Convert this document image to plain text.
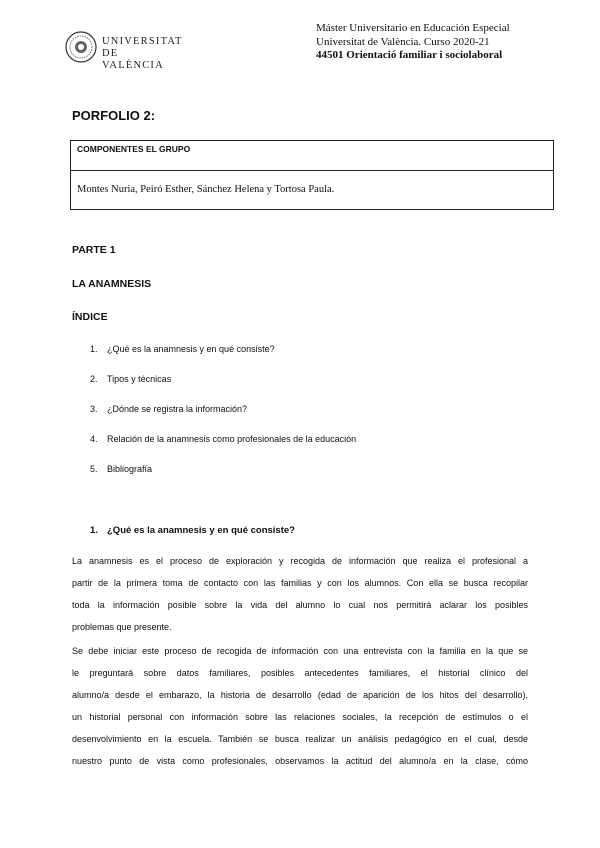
UNIVERSITAT
DE VALÈNCIA
Máster Universitario en Educación Especial
Universitat de València. Curso 2020-21
44501 Orientació familiar i sociolaboral
PORFOLIO 2:
COMPONENTES EL GRUPO
Montes Nuria, Peiró Esther, Sánchez Helena y Tortosa Paula.
PARTE 1
LA ANAMNESIS
ÍNDICE
1. ¿Qué es la anamnesis y en qué consiste?
2. Tipos y técnicas
3. ¿Dónde se registra la información?
4. Relación de la anamnesis como profesionales de la educación
5. Bibliografía
1. ¿Qué es la anamnesis y en qué consiste?
La anamnesis es el proceso de exploración y recogida de información que realiza el profesional a
partir de la primera toma de contacto con las familias y con los alumnos. Con ella se busca recopilar
toda la información posible sobre la vida del alumno lo cual nos permitirá aclarar los posibles
problemas que presente.
Se debe iniciar este proceso de recogida de información con una entrevista con la familia en la que se
le preguntará sobre datos familiares, posibles antecedentes familiares, el historial clínico del
alumno/a desde el embarazo, la historia de desarrollo (edad de aparición de los hitos del desarrollo),
un historial personal con información sobre las relaciones sociales, la recepción de estímulos o el
desenvolvimiento en la escuela. También se busca realizar un análisis pedagógico en el cual, desde
nuestro punto de vista como profesionales, observamos la actitud del alumno/a en la clase, cómo
